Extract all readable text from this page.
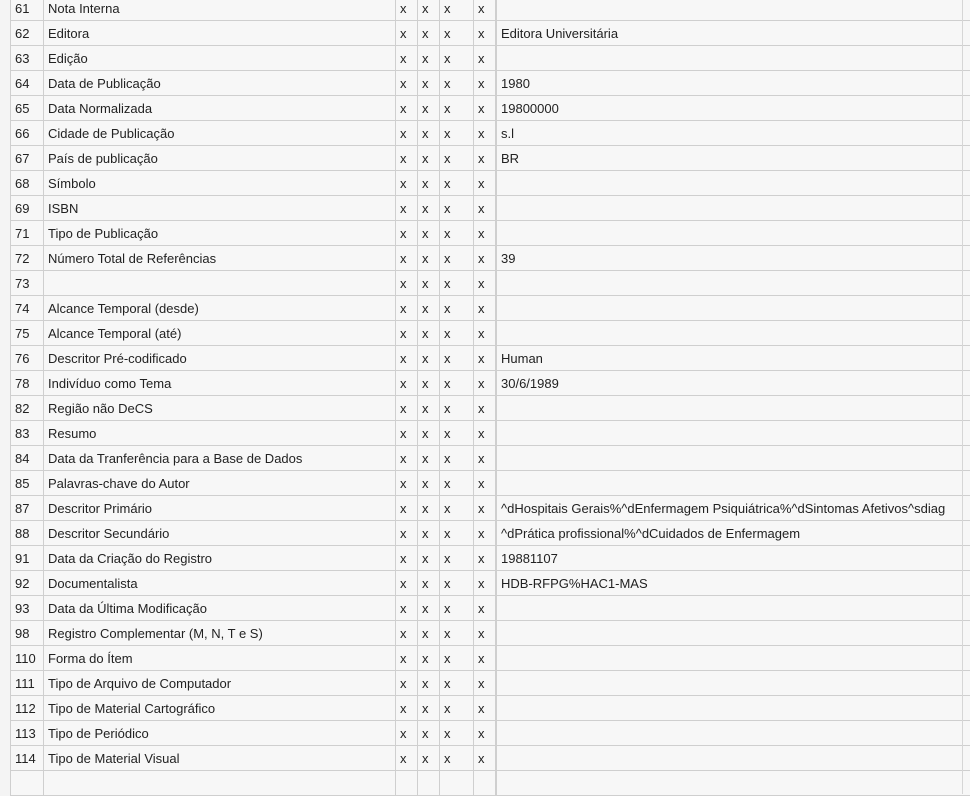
61	Nota Interna	x	x	x	x		
62	Editora	x	x	x	x		Editora Universitária
63	Edição	x	x	x	x		
64	Data de Publicação	x	x	x	x		1980
65	Data Normalizada	x	x	x	x		19800000
66	Cidade de Publicação	x	x	x	x		s.l
67	País de publicação	x	x	x	x		BR
68	Símbolo	x	x	x	x		
69	ISBN	x	x	x	x		
71	Tipo de Publicação	x	x	x	x		
72	Número Total de Referências	x	x	x	x		39
73		x	x	x	x		
74	Alcance Temporal (desde)	x	x	x	x		
75	Alcance Temporal (até)	x	x	x	x		
76	Descritor Pré-codificado	x	x	x	x		Human
78	Indivíduo como Tema	x	x	x	x		30/6/1989
82	Região não DeCS	x	x	x	x		
83	Resumo	x	x	x	x		
84	Data da Tranferência para a Base de Dados	x	x	x	x		
85	Palavras-chave do Autor	x	x	x	x		
87	Descritor Primário	x	x	x	x		^dHospitais Gerais%^dEnfermagem Psiquiátrica%^dSintomas Afetivos^sdiag
88	Descritor Secundário	x	x	x	x		^dPrática profissional%^dCuidados de Enfermagem
91	Data da Criação do Registro	x	x	x	x		19881107
92	Documentalista	x	x	x	x		HDB-RFPG%HAC1-MAS
93	Data da Última Modificação	x	x	x	x		
98	Registro Complementar (M, N, T e S)	x	x	x	x		
110	Forma do Ítem	x	x	x	x		
111	Tipo de Arquivo de Computador	x	x	x	x		
112	Tipo de Material Cartográfico	x	x	x	x		
113	Tipo de Periódico	x	x	x	x		
114	Tipo de Material Visual	x	x	x	x		
